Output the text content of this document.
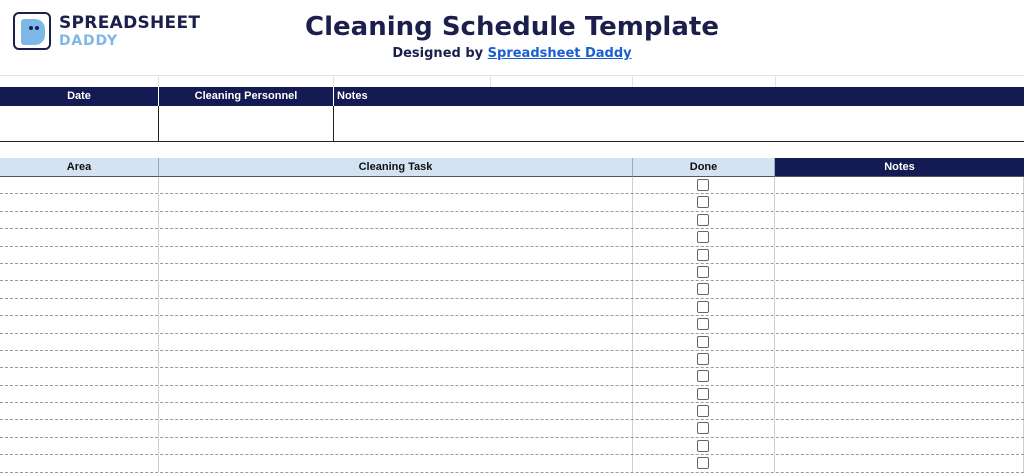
SPREADSHEET
DADDY	Cleaning Schedule Template
Designed by Spreadsheet Daddy
Date	Cleaning Personnel	Notes
Area	Cleaning Task	Done	Notes
